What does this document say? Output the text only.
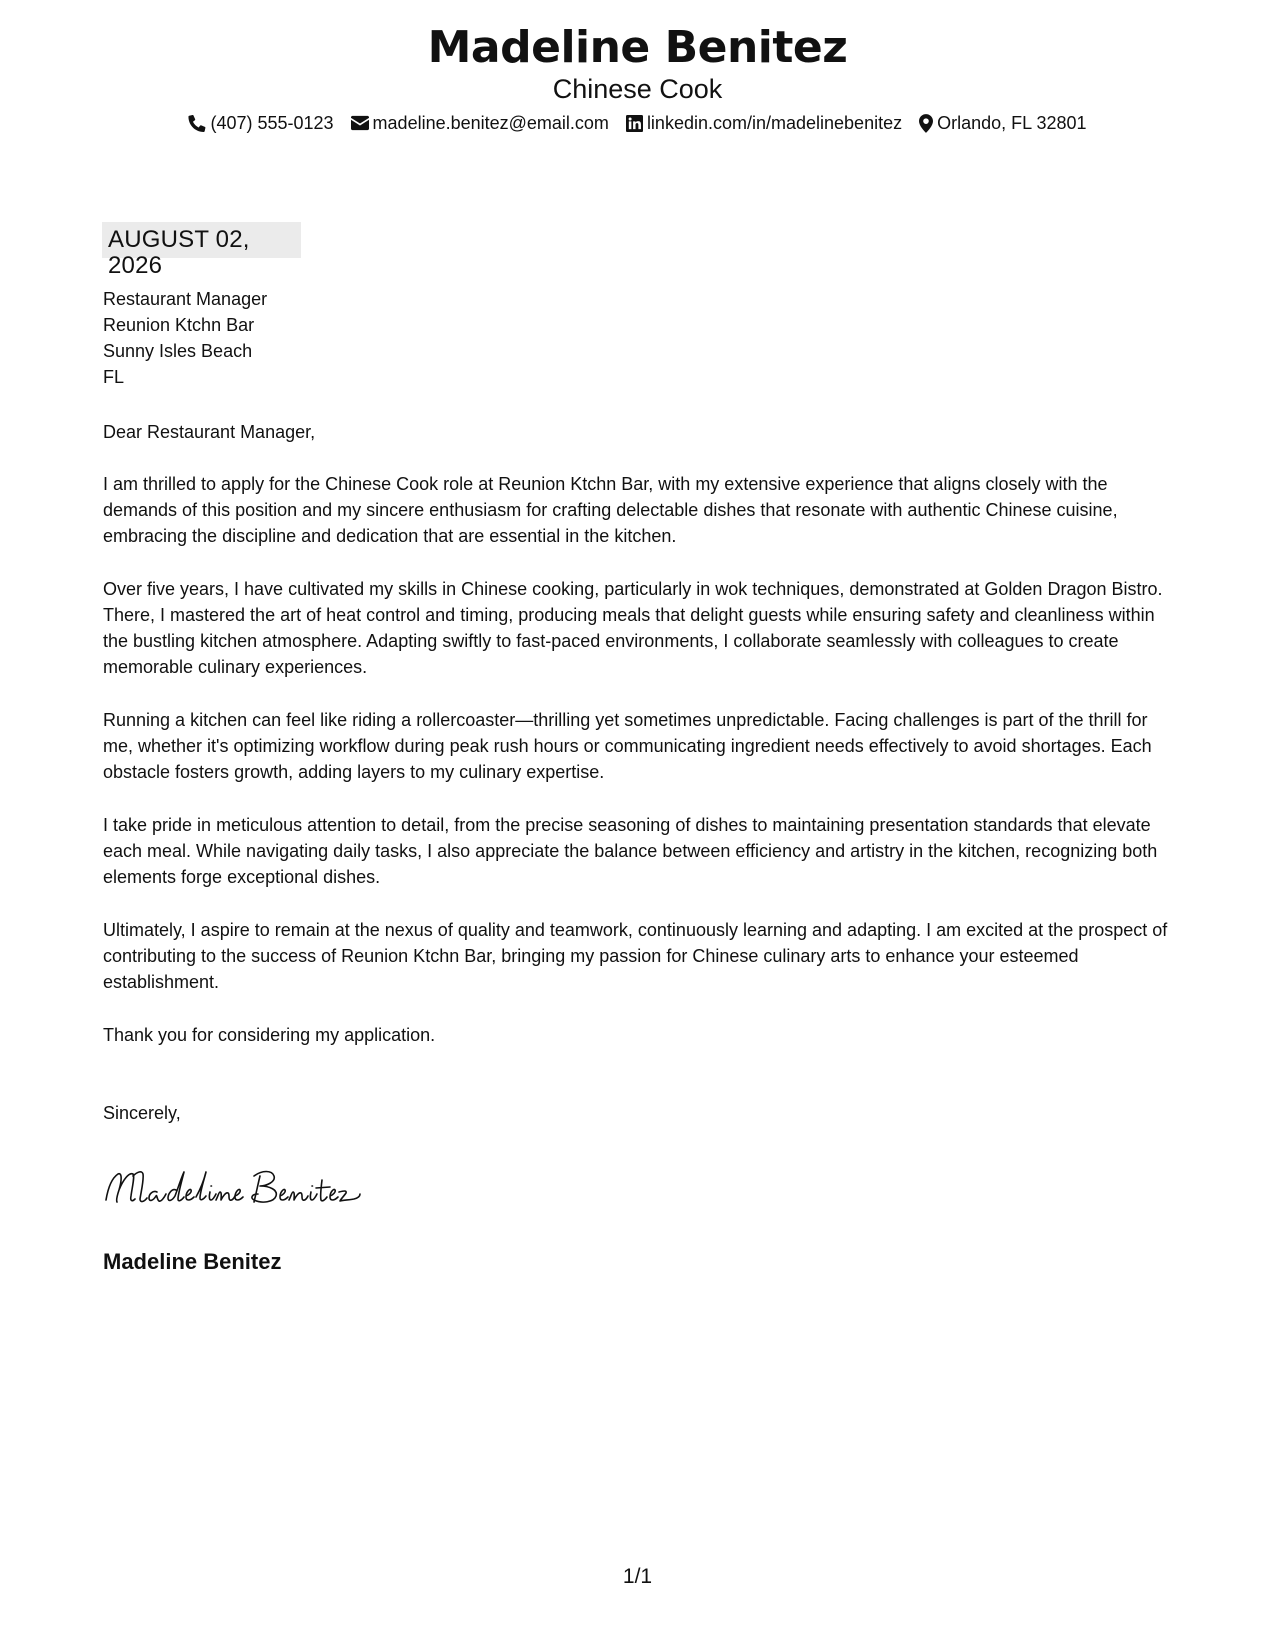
Madeline Benitez
Chinese Cook
(407) 555-0123 madeline.benitez@email.com linkedin.com/in/madelinebenitez Orlando, FL 32801
AUGUST 02, 2026
Restaurant Manager
Reunion Ktchn Bar
Sunny Isles Beach
FL

Dear Restaurant Manager,

I am thrilled to apply for the Chinese Cook role at Reunion Ktchn Bar, with my extensive experience that aligns closely with the demands of this position and my sincere enthusiasm for crafting delectable dishes that resonate with authentic Chinese cuisine, embracing the discipline and dedication that are essential in the kitchen.

Over five years, I have cultivated my skills in Chinese cooking, particularly in wok techniques, demonstrated at Golden Dragon Bistro. There, I mastered the art of heat control and timing, producing meals that delight guests while ensuring safety and cleanliness within the bustling kitchen atmosphere. Adapting swiftly to fast-paced environments, I collaborate seamlessly with colleagues to create memorable culinary experiences.

Running a kitchen can feel like riding a rollercoaster—thrilling yet sometimes unpredictable. Facing challenges is part of the thrill for me, whether it's optimizing workflow during peak rush hours or communicating ingredient needs effectively to avoid shortages. Each obstacle fosters growth, adding layers to my culinary expertise.

I take pride in meticulous attention to detail, from the precise seasoning of dishes to maintaining presentation standards that elevate each meal. While navigating daily tasks, I also appreciate the balance between efficiency and artistry in the kitchen, recognizing both elements forge exceptional dishes.

Ultimately, I aspire to remain at the nexus of quality and teamwork, continuously learning and adapting. I am excited at the prospect of contributing to the success of Reunion Ktchn Bar, bringing my passion for Chinese culinary arts to enhance your esteemed establishment.

Thank you for considering my application.

Sincerely,

Madeline Benitez
1/1
